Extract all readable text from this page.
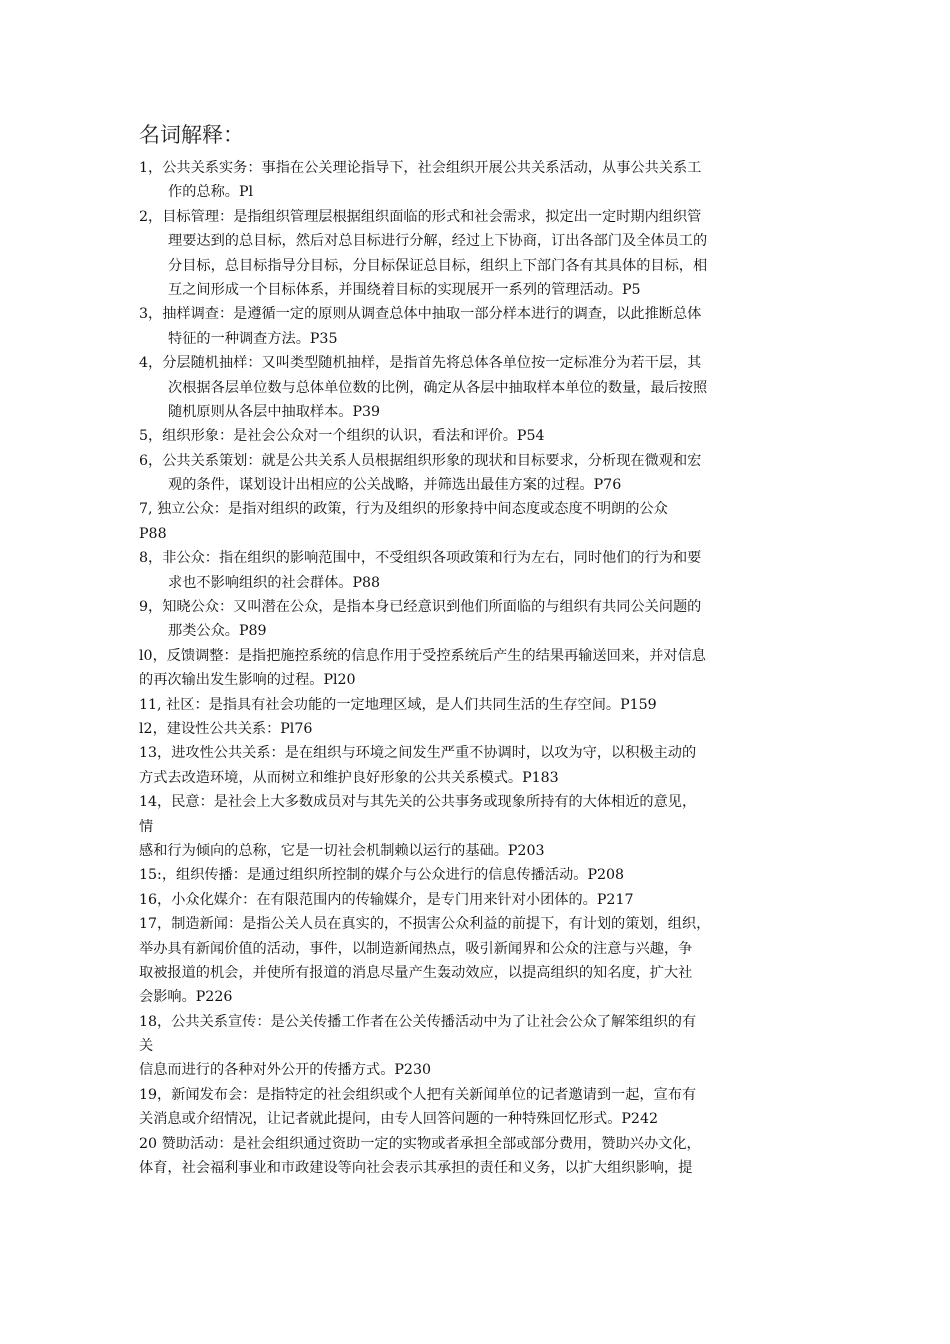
名词解释：
1，公共关系实务：事指在公关理论指导下，社会组织开展公共关系活动，从事公共关系工
作的总称。Pl
2，目标管理：是指组织管理层根据组织面临的形式和社会需求，拟定出一定时期内组织管
理要达到的总目标，然后对总目标进行分解，经过上下协商，订出各部门及全体员工的
分目标，总目标指导分目标，分目标保证总目标，组织上下部门各有其具体的目标，相
互之间形成一个目标体系，并围绕着目标的实现展开一系列的管理活动。P5
3，抽样调查：是遵循一定的原则从调查总体中抽取一部分样本进行的调查，以此推断总体
特征的一种调查方法。P35
4，分层随机抽样：又叫类型随机抽样，是指首先将总体各单位按一定标准分为若干层，其
次根据各层单位数与总体单位数的比例，确定从各层中抽取样本单位的数量，最后按照
随机原则从各层中抽取样本。P39
5，组织形象：是社会公众对一个组织的认识，看法和评价。P54
6，公共关系策划：就是公共关系人员根据组织形象的现状和目标要求，分析现在微观和宏
观的条件，谋划设计出相应的公关战略，并筛选出最佳方案的过程。P76
7, 独立公众：是指对组织的政策，行为及组织的形象持中间态度或态度不明朗的公众
P88
8，非公众：指在组织的影响范围中，不受组织各项政策和行为左右，同时他们的行为和要
求也不影响组织的社会群体。P88
9，知晓公众：又叫潜在公众，是指本身已经意识到他们所面临的与组织有共同公关问题的
那类公众。P89
l0，反馈调整：是指把施控系统的信息作用于受控系统后产生的结果再输送回来，并对信息
的再次输出发生影响的过程。Pl20
11, 社区：是指具有社会功能的一定地理区域，是人们共同生活的生存空间。P159
l2，建设性公共关系：Pl76
13，进攻性公共关系：是在组织与环境之间发生严重不协调时，以攻为守，以积极主动的
方式去改造环境，从而树立和维护良好形象的公共关系模式。P183
14，民意：是社会上大多数成员对与其先关的公共事务或现象所持有的大体相近的意见，
情
感和行为倾向的总称，它是一切社会机制赖以运行的基础。P203
15:，组织传播：是通过组织所控制的媒介与公众进行的信息传播活动。P208
16，小众化媒介：在有限范围内的传输媒介，是专门用来针对小团体的。P217
17，制造新闻：是指公关人员在真实的，不损害公众利益的前提下，有计划的策划，组织，
举办具有新闻价值的活动，事件，以制造新闻热点，吸引新闻界和公众的注意与兴趣，争
取被报道的机会，并使所有报道的消息尽量产生轰动效应，以提高组织的知名度，扩大社
会影响。P226
18，公共关系宣传：是公关传播工作者在公关传播活动中为了让社会公众了解笨组织的有
关
信息而进行的各种对外公开的传播方式。P230
19，新闻发布会：是指特定的社会组织或个人把有关新闻单位的记者邀请到一起，宣布有
关消息或介绍情况，让记者就此提问，由专人回答问题的一种特殊回忆形式。P242
20 赞助活动：是社会组织通过资助一定的实物或者承担全部或部分费用，赞助兴办文化，
体育，社会福利事业和市政建设等向社会表示其承担的责任和义务，以扩大组织影响，提
